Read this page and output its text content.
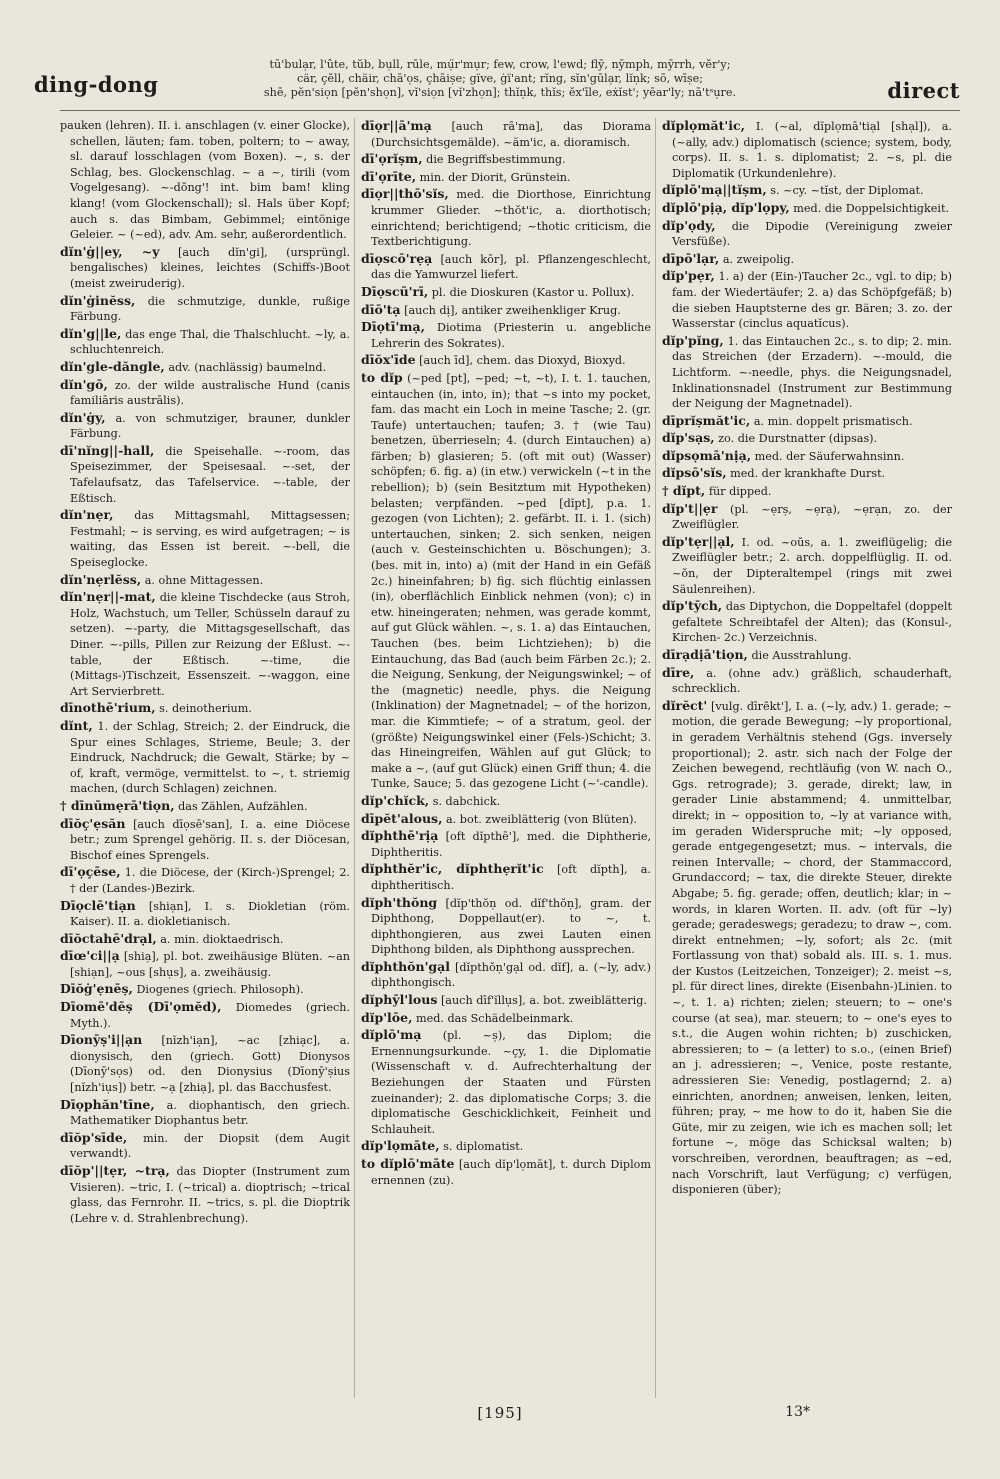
ding-dong
tū'bulạr, l'ûte, tŭb, bụll, rūle, mụ̈r'mụr; few, crow, l'ewd; flȳ, nȳmph, mȳrrh, vĕr'y;
cär, çĕll, chäir, chā'ọs, çhāiṣe; gïve, ġï'ant; rĭng, sĭn'gūlạr, lĭṇk; sō, wīṣe;
shē, pĕn'siọn [pĕn'shọn], vĭ'siọn [vĭ'zhọn]; thĭṇk, thĭs; ĕx'īle, eẋĭst'; yēar'ly; nā'tˢụre.	direct
pauken (lehren). II. i. anschlagen (v. einer Glocke), schellen, läuten; fam. toben, poltern; to ~ away, sl. darauf losschlagen (vom Boxen). ~, s. der Schlag, bes. Glockenschlag. ~ a ~, tirili (vom Vogelgesang). ~-dŏng'! int. bim bam! kling klang! (vom Glockenschall); sl. Hals über Kopf; auch s. das Bimbam, Gebimmel; eintönige Geleier. ~ (~ed), adv. Am. sehr, außerordentlich.
dĭn'ġ||ey, ~y [auch dĭn'gi], (ursprüngl. bengalisches) kleines, leichtes (Schiffs-)Boot (meist zweiruderig).
dĭn'ġinĕss, die schmutzige, dunkle, rußige Färbung.
dĭn'g||le, das enge Thal, die Thalschlucht. ~ly, a. schluchtenreich.
dĭn'gle-dăngle, adv. (nachlässig) baumelnd.
dĭn'gō, zo. der wilde australische Hund (canis familiāris austrālis).
dĭn'ġy, a. von schmutziger, brauner, dunkler Färbung.
dī'nĭng||-hall, die Speisehalle. ~-room, das Speisezimmer, der Speisesaal. ~-set, der Tafelaufsatz, das Tafelservice. ~-table, der Eßtisch.
dĭn'nẹr, das Mittagsmahl, Mittagsessen; Festmahl; ~ is serving, es wird aufgetragen; ~ is waiting, das Essen ist bereit. ~-bell, die Speiseglocke.
dĭn'nẹrlĕss, a. ohne Mittagessen.
dĭn'nẹr||-mat, die kleine Tischdecke (aus Stroh, Holz, Wachstuch, um Teller, Schüsseln darauf zu setzen). ~-party, die Mittagsgesellschaft, das Diner. ~-pills, Pillen zur Reizung der Eßlust. ~-table, der Eßtisch. ~-time, die (Mittags-)Tischzeit, Essenszeit. ~-waggon, eine Art Servierbrett.
dīnothē'rium, s. deinotherium.
dĭnt, 1. der Schlag, Streich; 2. der Eindruck, die Spur eines Schlages, Strieme, Beule; 3. der Eindruck, Nachdruck; die Gewalt, Stärke; by ~ of, kraft, vermöge, vermittelst. to ~, t. striemig machen, (durch Schlagen) zeichnen.
† dīnūmẹrā'tiọn, das Zählen, Aufzählen.
dīŏç'ẹsăn [auch dīọsē'san], I. a. eine Diöcese betr.; zum Sprengel gehörig. II. s. der Diöcesan, Bischof eines Sprengels.
dī'ọçēse, 1. die Diöcese, der (Kirch-)Sprengel; 2. † der (Landes-)Bezirk.
Dīọclē'tiạn [shiạn], I. s. Diokletian (röm. Kaiser). II. a. diokletianisch.
dīŏctahē'drạl, a. min. dioktaedrisch.
dīœ'ci||ạ [shiạ], pl. bot. zweihäusige Blüten. ~an [shiạn], ~ous [shụs], a. zweihäusig.
Dīŏġ'ẹnēṣ, Diogenes (griech. Philosoph).
Dīomē'dēṣ (Dī'ọmĕd), Diomedes (griech. Myth.).
Dīonȳṣ'i||ạn [nĭzh'iạn], ~ac [zhiạc], a. dionysisch, den (griech. Gott) Dionysos (Dīonȳ'sọs) od. den Dionysius (Dīonȳ'ṣius [nĭzh'iụs]) betr. ~ạ [zhiạ], pl. das Bacchusfest.
Dīọphăn'tīne, a. diophantisch, den griech. Mathematiker Diophantus betr.
dīŏp'sīde, min. der Diopsit (dem Augit verwandt).
dīŏp'||tẹr, ~trạ, das Diopter (Instrument zum Visieren). ~tric, I. (~trical) a. dioptrisch; ~trical glass, das Fernrohr. II. ~trics, s. pl. die Dioptrik (Lehre v. d. Strahlenbrechung).
dīọr||ā'mạ [auch rā'ma], das Diorama (Durchsichtsgemälde). ~ăm'ic, a. dioramisch.
dī'ọrĭṣm, die Begriffsbestimmung.
dī'ọrīte, min. der Diorit, Grünstein.
dīọr||thō'sĭs, med. die Diorthose, Einrichtung krummer Glieder. ~thŏt'ic, a. diorthotisch; einrichtend; berichtigend; ~thotic criticism, die Textberichtigung.
dīọscō'rẹạ [auch kōr], pl. Pflanzengeschlecht, das die Yamwurzel liefert.
Dīọscū'rī, pl. die Dioskuren (Kastor u. Pollux).
dīō'tạ [auch dị], antiker zweihenkliger Krug.
Dīọtī'mạ, Diotima (Priesterin u. angebliche Lehrerin des Sokrates).
dīŏx'īde [auch īd], chem. das Dioxyd, Bioxyd.
to dĭp (~ped [pt], ~ped; ~t, ~t), I. t. 1. tauchen, eintauchen (in, into, in); that ~s into my pocket, fam. das macht ein Loch in meine Tasche; 2. (gr. Taufe) untertauchen; taufen; 3. † (wie Tau) benetzen, überrieseln; 4. (durch Eintauchen) a) färben; b) glasieren; 5. (oft mit out) (Wasser) schöpfen; 6. fig. a) (in etw.) verwickeln (~t in the rebellion); b) (sein Besitztum mit Hypotheken) belasten; verpfänden. ~ped [dĭpt], p.a. 1. gezogen (von Lichten); 2. gefärbt. II. i. 1. (sich) untertauchen, sinken; 2. sich senken, neigen (auch v. Gesteinschichten u. Böschungen); 3. (bes. mit in, into) a) (mit der Hand in ein Gefäß 2c.) hineinfahren; b) fig. sich flüchtig einlassen (in), oberflächlich Einblick nehmen (von); c) in etw. hineingeraten; nehmen, was gerade kommt, auf gut Glück wählen. ~, s. 1. a) das Eintauchen, Tauchen (bes. beim Lichtziehen); b) die Eintauchung, das Bad (auch beim Färben 2c.); 2. die Neigung, Senkung, der Neigungswinkel; ~ of the (magnetic) needle, phys. die Neigung (Inklination) der Magnetnadel; ~ of the horizon, mar. die Kimmtiefe; ~ of a stratum, geol. der (größte) Neigungswinkel einer (Fels-)Schicht; 3. das Hineingreifen, Wählen auf gut Glück; to make a ~, (auf gut Glück) einen Griff thun; 4. die Tunke, Sauce; 5. das gezogene Licht (~'-candle).
dĭp'chĭck, s. dabchick.
dīpĕt'alous, a. bot. zweiblätterig (von Blüten).
dĭphthē'rịạ [oft dĭpthē'], med. die Diphtherie, Diphtheritis.
dĭphthĕr'ic, dĭphthẹrĭt'ic [oft dĭpth], a. diphtheritisch.
dĭph'thŏng [dĭp'thŏṇ od. dĭf'thŏṇ], gram. der Diphthong, Doppellaut(er). to ~, t. diphthongieren, aus zwei Lauten einen Diphthong bilden, als Diphthong aussprechen.
dĭphthŏn'gạl [dĭpthŏṇ'gạl od. dĭf], a. (~ly, adv.) diphthongisch.
dĭphȳl'lous [auch dīf'ĭllụs], a. bot. zweiblätterig.
dĭp'lōe, med. das Schädelbeinmark.
dĭplō'mạ (pl. ~ṣ), das Diplom; die Ernennungsurkunde. ~çy, 1. die Diplomatie (Wissenschaft v. d. Aufrechterhaltung der Beziehungen der Staaten und Fürsten zueinander); 2. das diplomatische Corps; 3. die diplomatische Geschicklichkeit, Feinheit und Schlauheit.
dĭp'lọmāte, s. diplomatist.
to dĭplō'māte [auch dĭp'lọmāt], t. durch Diplom ernennen (zu).
dĭplọmăt'ic, I. (~al, dĭplọmā'tiạl [shạl]), a. (~ally, adv.) diplomatisch (science; system, body, corps). II. s. 1. s. diplomatist; 2. ~s, pl. die Diplomatik (Urkundenlehre).
dĭplō'mạ||tĭṣm, s. ~cy. ~tĭst, der Diplomat.
dĭplō'pịạ, dĭp'lọpy, med. die Doppelsichtigkeit.
dĭp'ọdy, die Dipodie (Vereinigung zweier Versfüße).
dīpō'lạr, a. zweipolig.
dĭp'pẹr, 1. a) der (Ein-)Taucher 2c., vgl. to dip; b) fam. der Wiedertäufer; 2. a) das Schöpfgefäß; b) die sieben Hauptsterne des gr. Bären; 3. zo. der Wasserstar (cinclus aquatĭcus).
dĭp'pĭng, 1. das Eintauchen 2c., s. to dip; 2. min. das Streichen (der Erzadern). ~-mould, die Lichtform. ~-needle, phys. die Neigungsnadel, Inklinationsnadel (Instrument zur Bestimmung der Neigung der Magnetnadel).
dīprĭṣmăt'ic, a. min. doppelt prismatisch.
dĭp'sạs, zo. die Durstnatter (dipsas).
dĭpsọmā'nịạ, med. der Säuferwahnsinn.
dĭpsō'sĭs, med. der krankhafte Durst.
† dĭpt, für dipped.
dĭp't||ẹr (pl. ~ẹrṣ, ~ẹrạ), ~ẹrạn, zo. der Zweiflügler.
dĭp'tẹr||ạl, I. od. ~oŭs, a. 1. zweiflügelig; die Zweiflügler betr.; 2. arch. doppelflüglig. II. od. ~ŏn, der Dipteraltempel (rings mit zwei Säulenreihen).
dĭp'tȳch, das Diptychon, die Doppeltafel (doppelt gefaltete Schreibtafel der Alten); das (Konsul-, Kirchen- 2c.) Verzeichnis.
dīrạdịā'tiọn, die Ausstrahlung.
dīre, a. (ohne adv.) gräßlich, schauderhaft, schrecklich.
dĭrĕct' [vulg. dīrĕkt'], I. a. (~ly, adv.) 1. gerade; ~ motion, die gerade Bewegung; ~ly proportional, in geradem Verhältnis stehend (Ggs. inversely proportional); 2. astr. sich nach der Folge der Zeichen bewegend, rechtläufig (von W. nach O., Ggs. retrograde); 3. gerade, direkt; law, in gerader Linie abstammend; 4. unmittelbar, direkt; in ~ opposition to, ~ly at variance with, im geraden Widerspruche mit; ~ly opposed, gerade entgegengesetzt; mus. ~ intervals, die reinen Intervalle; ~ chord, der Stammaccord, Grundaccord; ~ tax, die direkte Steuer, direkte Abgabe; 5. fig. gerade; offen, deutlich; klar; in ~ words, in klaren Worten. II. adv. (oft für ~ly) gerade; geradeswegs; geradezu; to draw ~, com. direkt entnehmen; ~ly, sofort; als 2c. (mit Fortlassung von that) sobald als. III. s. 1. mus. der Kustos (Leitzeichen, Tonzeiger); 2. meist ~s, pl. für direct lines, direkte (Eisenbahn-)Linien. to ~, t. 1. a) richten; zielen; steuern; to ~ one's course (at sea), mar. steuern; to ~ one's eyes to s.t., die Augen wohin richten; b) zuschicken, abressieren; to ~ (a letter) to s.o., (einen Brief) an j. adressieren; ~, Venice, poste restante, adressieren Sie: Venedig, postlagernd; 2. a) einrichten, anordnen; anweisen, lenken, leiten, führen; pray, ~ me how to do it, haben Sie die Güte, mir zu zeigen, wie ich es machen soll; let fortune ~, möge das Schicksal walten; b) vorschreiben, verordnen, beauftragen; as ~ed, nach Vorschrift, laut Verfügung; c) verfügen, disponieren (über);
[195]	13*
